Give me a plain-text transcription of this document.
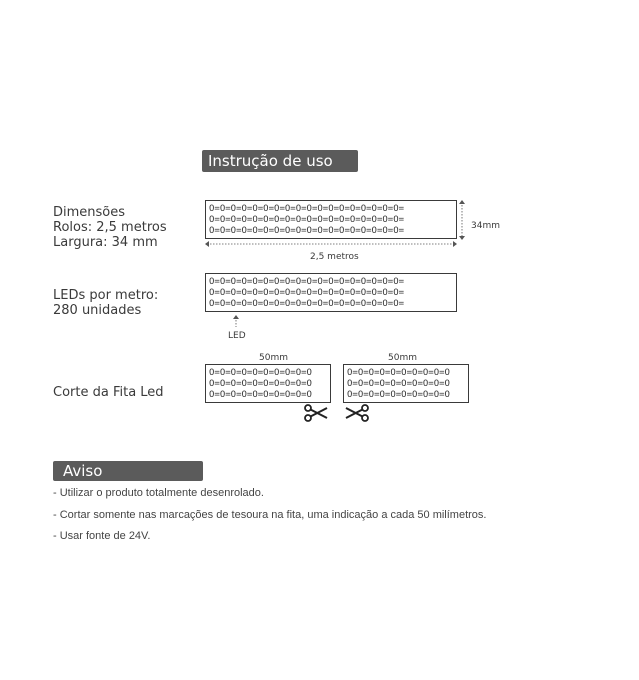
Instrução de uso
Dimensões
Rolos: 2,5 metros
Largura: 34 mm
O=O=O=O=O=O=O=O=O=O=O=O=O=O=O=O=O=O=
O=O=O=O=O=O=O=O=O=O=O=O=O=O=O=O=O=O=
O=O=O=O=O=O=O=O=O=O=O=O=O=O=O=O=O=O=	34mm
2,5 metros
LEDs por metro:
280 unidades
O=O=O=O=O=O=O=O=O=O=O=O=O=O=O=O=O=O=
O=O=O=O=O=O=O=O=O=O=O=O=O=O=O=O=O=O=
O=O=O=O=O=O=O=O=O=O=O=O=O=O=O=O=O=O=
LED
Corte da Fita Led
50mm	50mm
O=O=O=O=O=O=O=O=O=O
O=O=O=O=O=O=O=O=O=O
O=O=O=O=O=O=O=O=O=O
O=O=O=O=O=O=O=O=O=O
O=O=O=O=O=O=O=O=O=O
O=O=O=O=O=O=O=O=O=O
Aviso
- Utilizar o produto totalmente desenrolado.
- Cortar somente nas marcações de tesoura na fita, uma indicação a cada 50 milímetros.
- Usar fonte de 24V.
